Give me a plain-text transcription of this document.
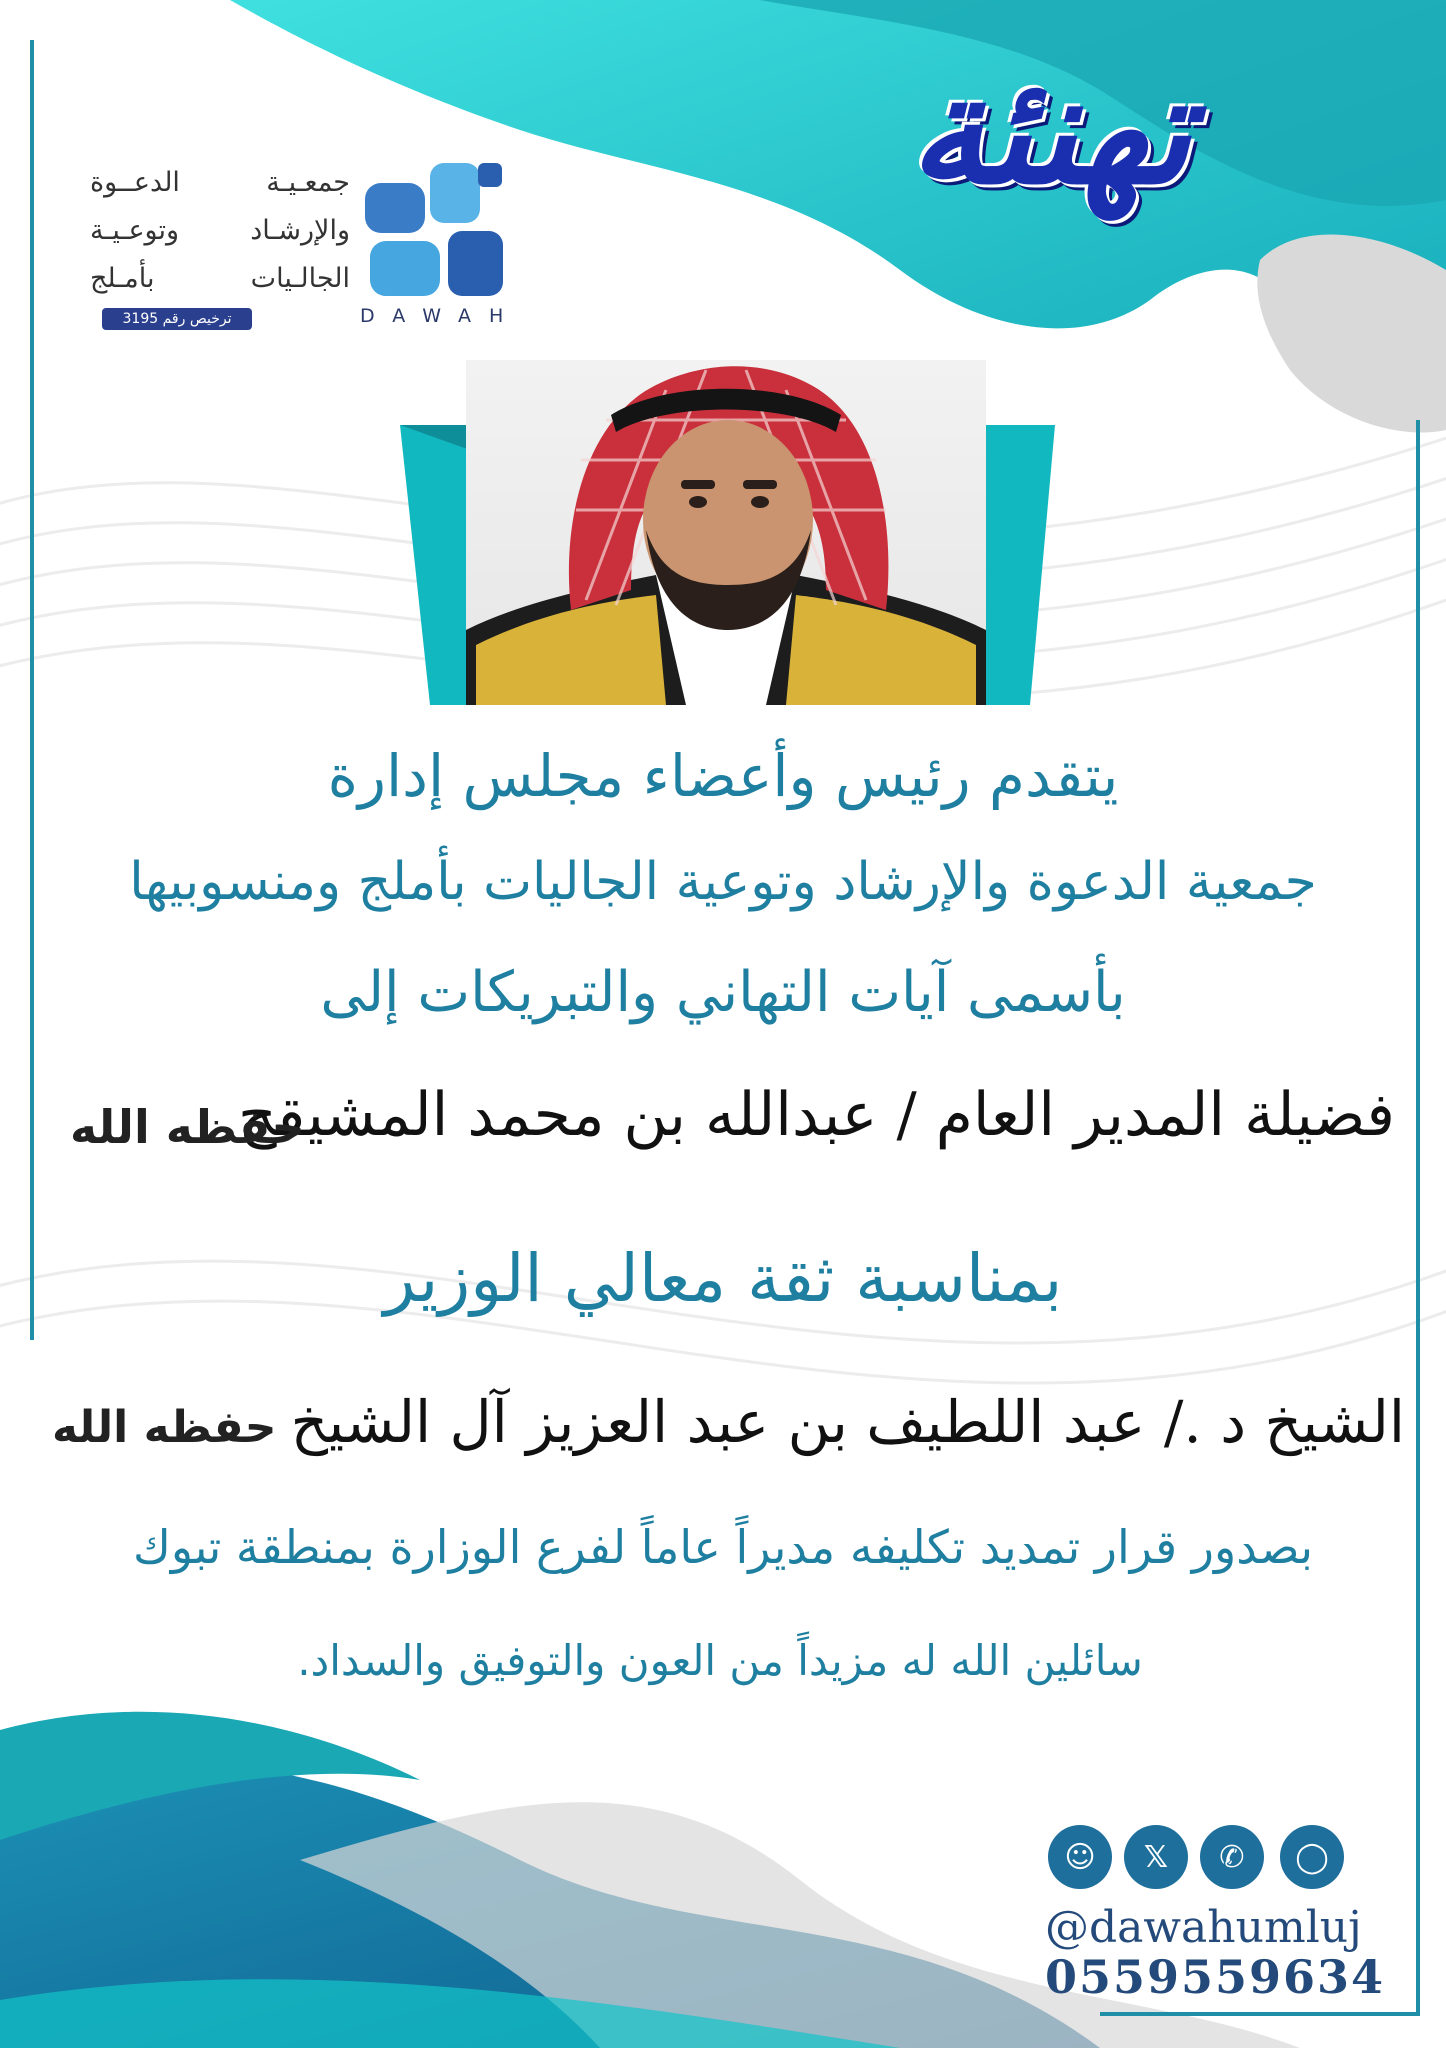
تهنئة
DAWAH
جمعـيـة الدعــوة
والإرشـاد وتوعـيـة
الجالـيات بأمـلج
ترخيص رقم 3195
يتقدم رئيس وأعضاء مجلس إدارة
جمعية الدعوة والإرشاد وتوعية الجاليات بأملج ومنسوبيها
بأسمى آيات التهاني والتبريكات إلى
فضيلة المدير العام / عبدالله بن محمد المشيقح
حفظه الله
بمناسبة ثقة معالي الوزير
الشيخ د ./ عبد اللطيف بن عبد العزيز آل الشيخ
حفظه الله
بصدور قرار تمديد تكليفه مديراً عاماً لفرع الوزارة بمنطقة تبوك
سائلين الله له مزيداً من العون والتوفيق والسداد.
☺	𝕏	✆	◯
@dawahumluj
0559559634
